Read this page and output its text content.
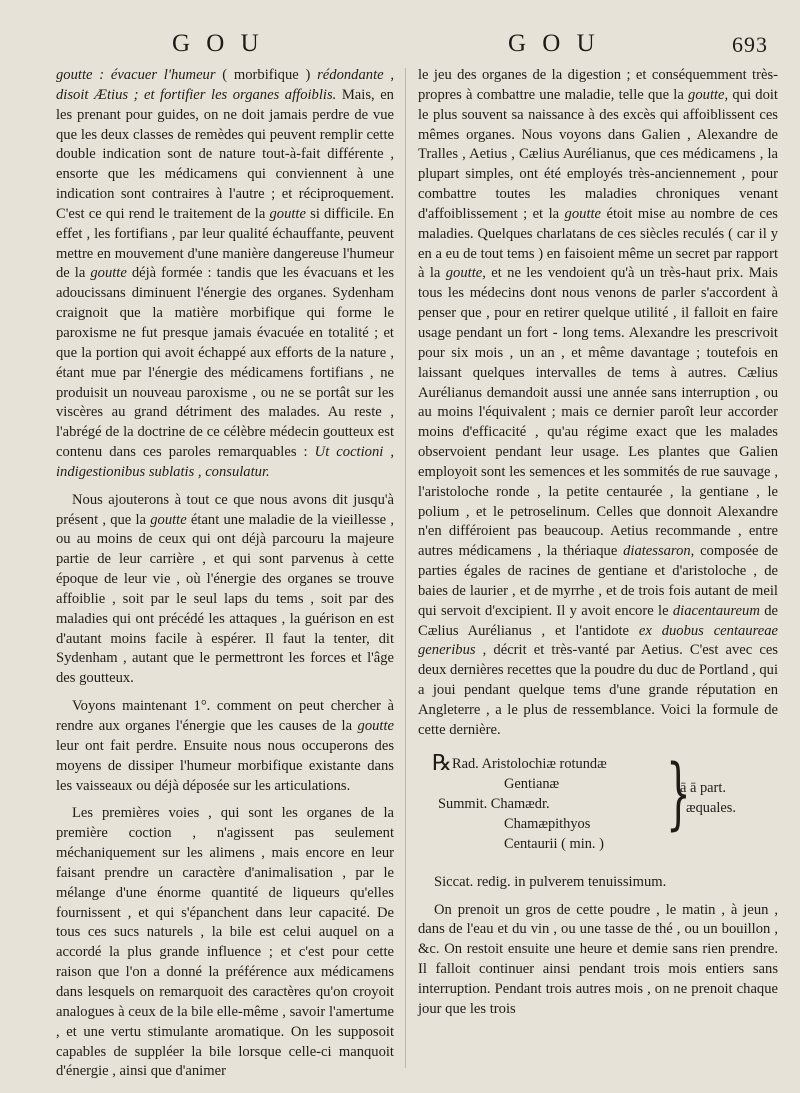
G O U	G O U	693

goutte : évacuer l'humeur ( morbifique ) rédondante , disoit Ætius ; et fortifier les organes affoiblis. Mais, en les prenant pour guides, on ne doit jamais perdre de vue que les deux classes de remèdes qui peuvent remplir cette double indication sont de nature tout-à-fait différente , ensorte que les médicamens qui conviennent à une indication sont contraires à l'autre ; et réciproquement. C'est ce qui rend le traitement de la goutte si difficile. En effet , les fortifians , par leur qualité échauffante, peuvent mettre en mouvement d'une manière dangereuse l'humeur de la goutte déjà formée : tandis que les évacuans et les adoucissans diminuent l'énergie des organes. Sydenham craignoit que la matière morbifique qui forme le paroxisme ne fut presque jamais évacuée en totalité ; et que la portion qui avoit échappé aux efforts de la nature , étant mue par l'énergie des médicamens fortifians , ne produisit un nouveau paroxisme , ou ne se portât sur les viscères au grand détriment des malades. Au reste , l'abrégé de la doctrine de ce célèbre médecin goutteux est contenu dans ces paroles remarquables : Ut coctioni , indigestionibus sublatis , consulatur.

Nous ajouterons à tout ce que nous avons dit jusqu'à présent , que la goutte étant une maladie de la vieillesse , ou au moins de ceux qui ont déjà parcouru la majeure partie de leur carrière , et qui sont parvenus à cette époque de leur vie , où l'énergie des organes se trouve affoiblie , soit par le seul laps du tems , soit par des maladies qui ont précédé les attaques , la guérison en est d'autant moins facile à espérer. Il faut la tenter, dit Sydenham , autant que le permettront les forces et l'âge des goutteux.

Voyons maintenant 1°. comment on peut chercher à rendre aux organes l'énergie que les causes de la goutte leur ont fait perdre. Ensuite nous nous occuperons des moyens de dissiper l'humeur morbifique existante dans les vaisseaux ou déjà déposée sur les articulations.

Les premières voies , qui sont les organes de la première coction , n'agissent pas seulement méchaniquement sur les alimens , mais encore en leur faisant prendre un caractère d'animalisation , par le mélange d'une énorme quantité de liqueurs qu'elles fournissent , et qui s'épanchent dans leur capacité. De tous ces sucs naturels , la bile est celui auquel on a accordé la plus grande influence ; et c'est pour cette raison que l'on a donné la préférence aux médicamens dans lesquels on remarquoit des caractères qu'on croyoit analogues à ceux de la bile elle-même , savoir l'amertume , et une vertu stimulante aromatique. On les supposoit capables de suppléer la bile lorsque celle-ci manquoit d'énergie , ainsi que d'animer

le jeu des organes de la digestion ; et conséquemment très-propres à combattre une maladie, telle que la goutte, qui doit le plus souvent sa naissance à des excès qui affoiblissent ces mêmes organes. Nous voyons dans Galien , Alexandre de Tralles , Aetius , Cælius Aurélianus, que ces médicamens , la plupart simples, ont été employés très-anciennement , pour combattre toutes les maladies chroniques venant d'affoiblissement ; et la goutte étoit mise au nombre de ces maladies. Quelques charlatans de ces siècles reculés ( car il y en a eu de tout tems ) en faisoient même un secret par rapport à la goutte, et ne les vendoient qu'à un très-haut prix. Mais tous les médecins dont nous venons de parler s'accordent à penser que , pour en retirer quelque utilité , il falloit en faire usage pendant un fort - long tems. Alexandre les prescrivoit pour six mois , un an , et même davantage ; toutefois en laissant quelques intervalles de tems à autres. Cælius Aurélianus demandoit aussi une année sans interruption , ou au moins l'équivalent ; mais ce dernier paroît leur accorder moins d'efficacité , qu'au régime exact que les malades observoient pendant leur usage. Les plantes que Galien employoit sont les semences et les sommités de rue sauvage , l'aristoloche ronde , la petite centaurée , la gentiane , le polium , et le petroselinum. Celles que donnoit Alexandre n'en différoient pas beaucoup. Aetius recommande , entre autres médicamens , la thériaque diatessaron, composée de parties égales de racines de gentiane et d'aristoloche , de baies de laurier , et de myrrhe , et de trois fois autant de meil qui servoit d'excipient. Il y avoit encore le diacentaureum de Cælius Aurélianus , et l'antidote ex duobus centaureae generibus , décrit et très-vanté par Aetius. C'est avec ces deux dernières recettes que la poudre du duc de Portland , qui a joui pendant quelque tems d'une grande réputation en Angleterre , a le plus de ressemblance. Voici la formule de cette dernière.

℞ Rad. Aristolochiæ rotundæ
Gentianæ
Summit. Chamædr.
Chamæpithyos
Centaurii ( min. )
}
ā ā part.
æquales.

Siccat. redig. in pulverem tenuissimum.

On prenoit un gros de cette poudre , le matin , à jeun , dans de l'eau et du vin , ou une tasse de thé , ou un bouillon , &c. On restoit ensuite une heure et demie sans rien prendre. Il falloit continuer ainsi pendant trois mois entiers sans interruption. Pendant trois autres mois , on ne prenoit chaque jour que les trois
